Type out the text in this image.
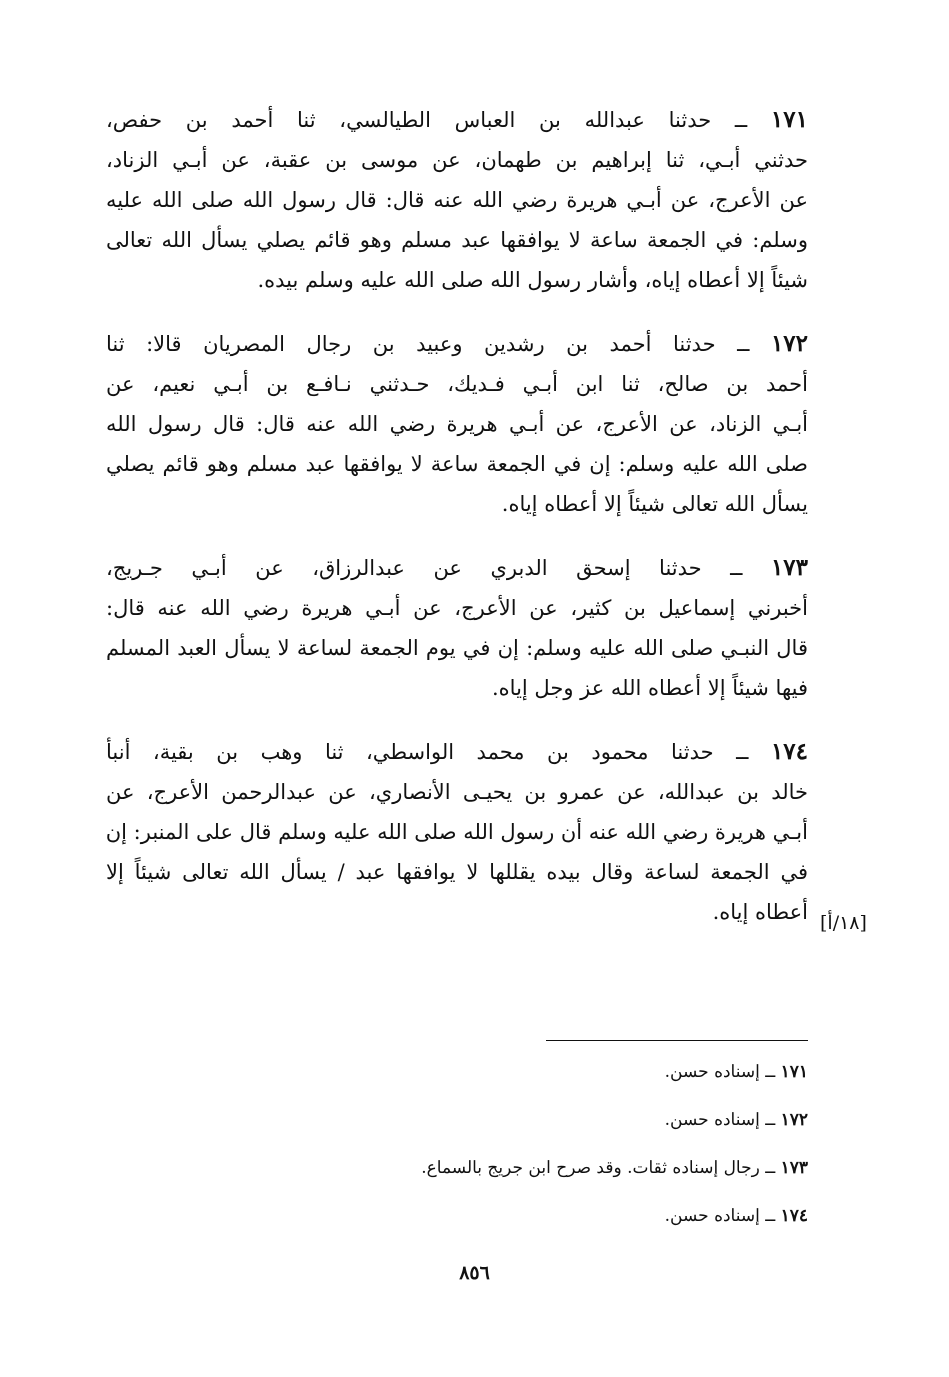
١٧١ ــ حدثنا عبدالله بن العباس الطيالسي، ثنا أحمد بن حفص،
حدثني أبـي، ثنا إبراهيم بن طهمان، عن موسى بن عقبة، عن أبـي الزناد،
عن الأعرج، عن أبـي هريرة رضي الله عنه قال: قال رسول الله صلى الله عليه
وسلم: في الجمعة ساعة لا يوافقها عبد مسلم وهو قائم يصلي يسأل الله تعالى
شيئاً إلا أعطاه إياه، وأشار رسول الله صلى الله عليه وسلم بيده.
١٧٢ ــ حدثنا أحمد بن رشدين وعبيد بن رجال المصريان قالا: ثنا
أحمد بن صالح، ثنا ابن أبـي فـديك، حـدثني نـافـع بن أبـي نعيم، عن
أبـي الزناد، عن الأعرج، عن أبـي هريرة رضي الله عنه قال: قال رسول الله
صلى الله عليه وسلم: إن في الجمعة ساعة لا يوافقها عبد مسلم وهو قائم يصلي
يسأل الله تعالى شيئاً إلا أعطاه إياه.
١٧٣ ــ حدثنا إسحق الدبري عن عبدالرزاق، عن أبـي جـريج،
أخبرني إسماعيل بن كثير، عن الأعرج، عن أبـي هريرة رضي الله عنه قال:
قال النبـي صلى الله عليه وسلم: إن في يوم الجمعة لساعة لا يسأل العبد المسلم
فيها شيئاً إلا أعطاه الله عز وجل إياه.
١٧٤ ــ حدثنا محمود بن محمد الواسطي، ثنا وهب بن بقية، أنبأ
خالد بن عبدالله، عن عمرو بن يحيـى الأنصاري، عن عبدالرحمن الأعرج، عن
أبـي هريرة رضي الله عنه أن رسول الله صلى الله عليه وسلم قال على المنبر: إن
في الجمعة لساعة وقال بيده يقللها لا يوافقها عبد / يسأل الله تعالى شيئاً إلا
أعطاه إياه. [١٨/أ]
١٧١ ــ إسناده حسن.
١٧٢ ــ إسناده حسن.
١٧٣ ــ رجال إسناده ثقات. وقد صرح ابن جريج بالسماع.
١٧٤ ــ إسناده حسن.
٨٥٦
